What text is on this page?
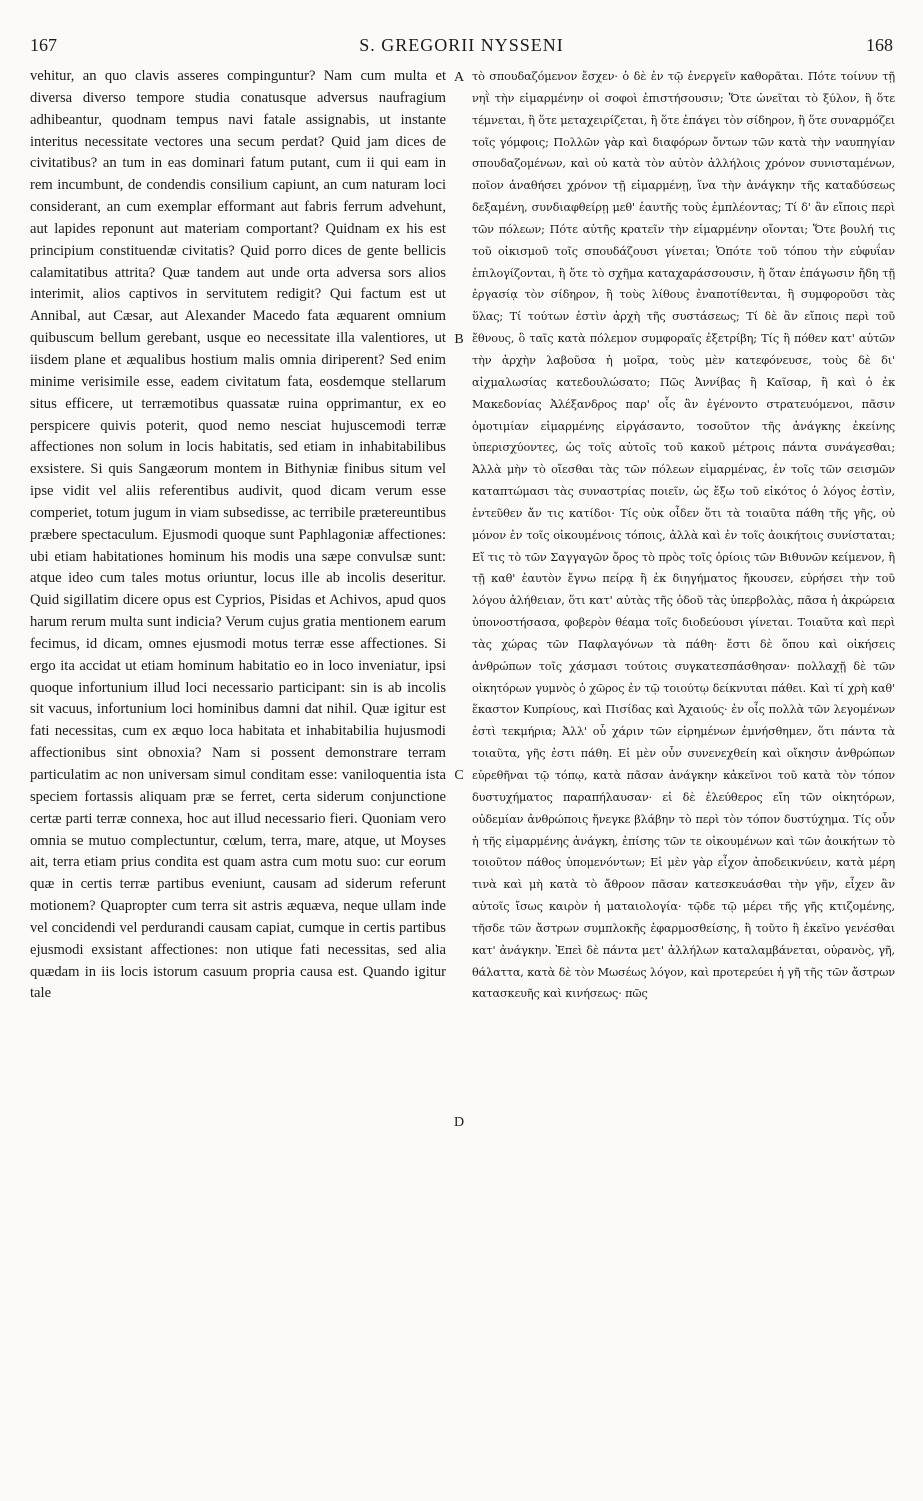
167	S. GREGORII NYSSENI	168

vehitur, an quo clavis asseres compinguntur? Nam cum multa et diversa diverso tempore studia conatusque adversus naufragium adhibeantur, quodnam tempus navi fatale assignabis, ut instante interitus necessitate vectores una secum perdat? Quid jam dices de civitatibus? an tum in eas dominari fatum putant, cum ii qui eam in rem incumbunt, de condendis consilium capiunt, an cum naturam loci considerant, an cum exemplar efformant aut fabris ferrum advehunt, aut lapides reponunt aut materiam comportant? Quidnam ex his est principium constituendæ civitatis? Quid porro dices de gente bellicis calamitatibus attrita? Quæ tandem aut unde orta adversa sors alios interimit, alios captivos in servitutem redigit? Qui factum est ut Annibal, aut Cæsar, aut Alexander Macedo fata æquarent omnium quibuscum bellum gerebant, usque eo necessitate illa valentiores, ut iisdem plane et æqualibus hostium malis omnia diriperent? Sed enim minime verisimile esse, eadem civitatum fata, eosdemque stellarum situs efficere, ut terræmotibus quassatæ ruina opprimantur, ex eo perspicere quivis poterit, quod nemo nesciat hujuscemodi terræ affectiones non solum in locis habitatis, sed etiam in inhabitabilibus exsistere. Si quis Sangæorum montem in Bithyniæ finibus situm vel ipse vidit vel aliis referentibus audivit, quod dicam verum esse comperiet, totum jugum in viam subsedisse, ac terribile prætereuntibus præbere spectaculum. Ejusmodi quoque sunt Paphlagoniæ affectiones: ubi etiam habitationes hominum his modis una sæpe convulsæ sunt: atque ideo cum tales motus oriuntur, locus ille ab incolis deseritur. Quid sigillatim dicere opus est Cyprios, Pisidas et Achivos, apud quos harum rerum multa sunt indicia? Verum cujus gratia mentionem earum fecimus, id dicam, omnes ejusmodi motus terræ esse affectiones. Si ergo ita accidat ut etiam hominum habitatio eo in loco inveniatur, ipsi quoque infortunium illud loci necessario participant: sin is ab incolis sit vacuus, infortunium loci hominibus damni dat nihil. Quæ igitur est fati necessitas, cum ex æquo loca habitata et inhabitabilia hujusmodi affectionibus sint obnoxia? Nam si possent demonstrare terram particulatim ac non universam simul conditam esse: vaniloquentia ista speciem fortassis aliquam præ se ferret, certa siderum conjunctione certæ parti terræ connexa, hoc aut illud necessario fieri. Quoniam vero omnia se mutuo complectuntur, cœlum, terra, mare, atque, ut Moyses ait, terra etiam prius condita est quam astra cum motu suo: cur eorum quæ in certis terræ partibus eveniunt, causam ad siderum referunt motionem? Quapropter cum terra sit astris æquæva, neque ullam inde vel concidendi vel perdurandi causam capiat, cumque in certis partibus ejusmodi exsistant affectiones: non utique fati necessitas, sed alia quædam in iis locis istorum casuum propria causa est. Quando igitur tale

A
B
C
D

τὸ σπουδαζόμενον ἔσχεν· ὁ δὲ ἐν τῷ ἐνεργεῖν καθορᾶται. Πότε τοίνυν τῇ νηῒ τὴν εἱμαρμένην οἱ σοφοὶ ἐπιστήσουσιν; Ὅτε ὠνεῖται τὸ ξύλον, ἢ ὅτε τέμνεται, ἢ ὅτε μεταχειρίζεται, ἢ ὅτε ἐπάγει τὸν σίδηρον, ἢ ὅτε συναρμόζει τοῖς γόμφοις; Πολλῶν γὰρ καὶ διαφόρων ὄντων τῶν κατὰ τὴν ναυπηγίαν σπουδαζομένων, καὶ οὐ κατὰ τὸν αὐτὸν ἀλλήλοις χρόνον συνισταμένων, ποῖον ἀναθήσει χρόνον τῇ εἱμαρμένῃ, ἵνα τὴν ἀνάγκην τῆς καταδύσεως δεξαμένη, συνδιαφθείρῃ μεθ' ἑαυτῆς τοὺς ἐμπλέοντας; Τί δ' ἂν εἴποις περὶ τῶν πόλεων; Πότε αὐτῆς κρατεῖν τὴν εἱμαρμένην οἴονται; Ὅτε βουλή τις τοῦ οἰκισμοῦ τοῖς σπουδάζουσι γίνεται; Ὁπότε τοῦ τόπου τὴν εὐφυΐαν ἐπιλογίζονται, ἢ ὅτε τὸ σχῆμα καταχαράσσουσιν, ἢ ὅταν ἐπάγωσιν ἤδη τῇ ἐργασίᾳ τὸν σίδηρον, ἢ τοὺς λίθους ἐναποτίθενται, ἢ συμφοροῦσι τὰς ὕλας; Τί τούτων ἐστὶν ἀρχὴ τῆς συστάσεως; Τί δὲ ἂν εἴποις περὶ τοῦ ἔθνους, ὃ ταῖς κατὰ πόλεμον συμφοραῖς ἐξετρίβη; Τίς ἢ πόθεν κατ' αὐτῶν τὴν ἀρχὴν λαβοῦσα ἡ μοῖρα, τοὺς μὲν κατεφόνευσε, τοὺς δὲ δι' αἰχμαλωσίας κατεδουλώσατο; Πῶς Ἀννίβας ἢ Καῖσαρ, ἢ καὶ ὁ ἐκ Μακεδονίας Ἀλέξανδρος παρ' οἷς ἂν ἐγένοντο στρατευόμενοι, πᾶσιν ὁμοτιμίαν εἱμαρμένης εἰργάσαντο, τοσοῦτον τῆς ἀνάγκης ἐκείνης ὑπερισχύοντες, ὡς τοῖς αὐτοῖς τοῦ κακοῦ μέτροις πάντα συνάγεσθαι; Ἀλλὰ μὴν τὸ οἴεσθαι τὰς τῶν πόλεων εἱμαρμένας, ἐν τοῖς τῶν σεισμῶν καταπτώμασι τὰς συναστρίας ποιεῖν, ὡς ἔξω τοῦ εἰκότος ὁ λόγος ἐστὶν, ἐντεῦθεν ἄν τις κατίδοι· Τίς οὐκ οἶδεν ὅτι τὰ τοιαῦτα πάθη τῆς γῆς, οὐ μόνον ἐν τοῖς οἰκουμένοις τόποις, ἀλλὰ καὶ ἐν τοῖς ἀοικήτοις συνίσταται; Εἴ τις τὸ τῶν Σαγγαγῶν ὄρος τὸ πρὸς τοῖς ὁρίοις τῶν Βιθυνῶν κείμενον, ἢ τῇ καθ' ἑαυτὸν ἔγνω πείρᾳ ἢ ἐκ διηγήματος ἤκουσεν, εὑρήσει τὴν τοῦ λόγου ἀλήθειαν, ὅτι κατ' αὐτὰς τῆς ὁδοῦ τὰς ὑπερβολὰς, πᾶσα ἡ ἀκρώρεια ὑπονοστήσασα, φοβερὸν θέαμα τοῖς διοδεύουσι γίνεται. Τοιαῦτα καὶ περὶ τὰς χώρας τῶν Παφλαγόνων τὰ πάθη· ἔστι δὲ ὅπου καὶ οἰκήσεις ἀνθρώπων τοῖς χάσμασι τούτοις συγκατεσπάσθησαν· πολλαχῇ δὲ τῶν οἰκητόρων γυμνὸς ὁ χῶρος ἐν τῷ τοιούτῳ δείκνυται πάθει. Καὶ τί χρὴ καθ' ἕκαστον Κυπρίους, καὶ Πισίδας καὶ Ἀχαιούς· ἐν οἷς πολλὰ τῶν λεγομένων ἐστὶ τεκμήρια; Ἀλλ' οὗ χάριν τῶν εἰρημένων ἐμνήσθημεν, ὅτι πάντα τὰ τοιαῦτα, γῆς ἐστι πάθη. Εἰ μὲν οὖν συνενεχθείη καὶ οἴκησιν ἀνθρώπων εὑρεθῆναι τῷ τόπῳ, κατὰ πᾶσαν ἀνάγκην κἀκεῖνοι τοῦ κατὰ τὸν τόπον δυστυχήματος παραπήλαυσαν· εἰ δὲ ἐλεύθερος εἴη τῶν οἰκητόρων, οὐδεμίαν ἀνθρώποις ἤνεγκε βλάβην τὸ περὶ τὸν τόπον δυστύχημα. Τίς οὖν ἡ τῆς εἱμαρμένης ἀνάγκη, ἐπίσης τῶν τε οἰκουμένων καὶ τῶν ἀοικήτων τὸ τοιοῦτον πάθος ὑπομενόντων; Εἰ μὲν γὰρ εἶχον ἀποδεικνύειν, κατὰ μέρη τινὰ καὶ μὴ κατὰ τὸ ἄθροον πᾶσαν κατεσκευάσθαι τὴν γῆν, εἶχεν ἂν αὐτοῖς ἴσως καιρὸν ἡ ματαιολογία· τῷδε τῷ μέρει τῆς γῆς κτιζομένης, τῆσδε τῶν ἄστρων συμπλοκῆς ἐφαρμοσθείσης, ἢ τοῦτο ἢ ἐκεῖνο γενέσθαι κατ' ἀνάγκην. Ἐπεὶ δὲ πάντα μετ' ἀλλήλων καταλαμβάνεται, οὐρανὸς, γῆ, θάλαττα, κατὰ δὲ τὸν Μωσέως λόγον, καὶ προτερεύει ἡ γῆ τῆς τῶν ἄστρων κατασκευῆς καὶ κινήσεως· πῶς
